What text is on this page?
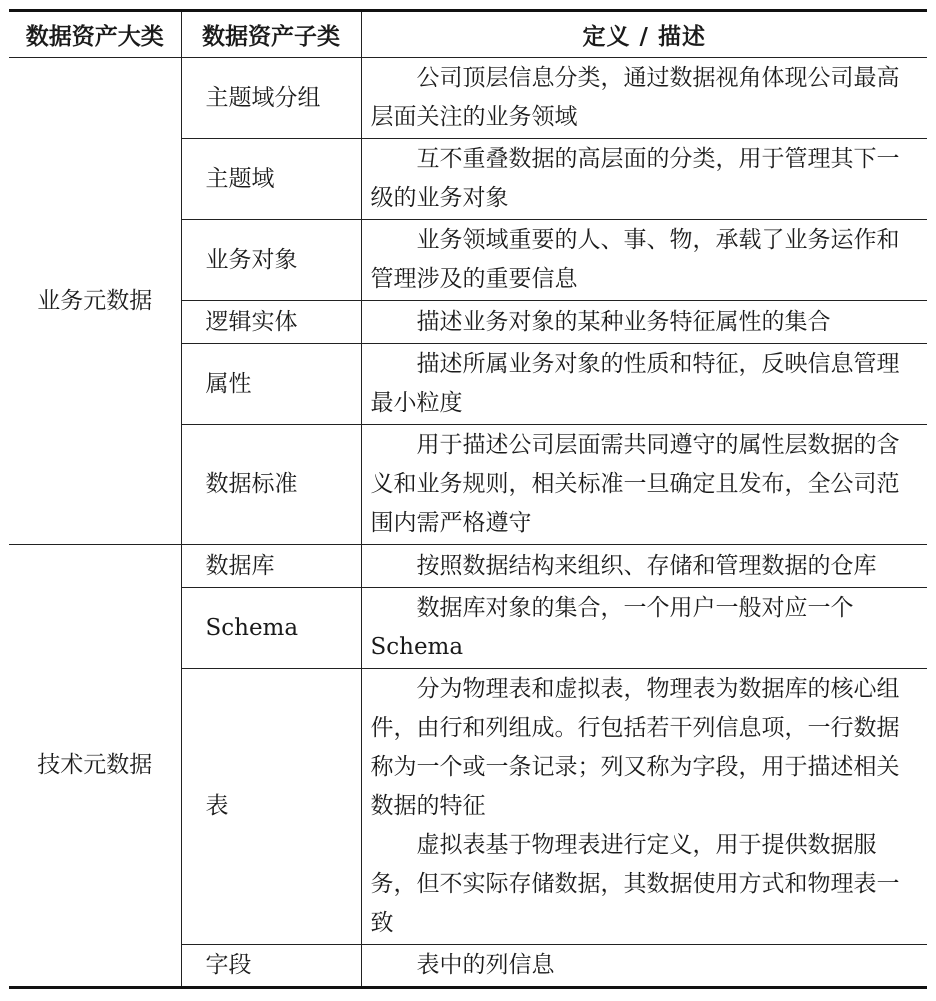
数据资产大类	数据资产子类	定义 / 描述
业务元数据	主题域分组	公司顶层信息分类，通过数据视角体现公司最高层面关注的业务领域

	主题域	互不重叠数据的高层面的分类，用于管理其下一级的业务对象

	业务对象	业务领域重要的人、事、物，承载了业务运作和管理涉及的重要信息

	逻辑实体	描述业务对象的某种业务特征属性的集合

	属性	描述所属业务对象的性质和特征，反映信息管理最小粒度

	数据标准	用于描述公司层面需共同遵守的属性层数据的含义和业务规则，相关标准一旦确定且发布，全公司范围内需严格遵守

技术元数据	数据库	按照数据结构来组织、存储和管理数据的仓库

	Schema	数据库对象的集合，一个用户一般对应一个Schema

	表	分为物理表和虚拟表，物理表为数据库的核心组件，由行和列组成。行包括若干列信息项，一行数据称为一个或一条记录；列又称为字段，用于描述相关数据的特征
虚拟表基于物理表进行定义，用于提供数据服务，但不实际存储数据，其数据使用方式和物理表一致

	字段	表中的列信息
